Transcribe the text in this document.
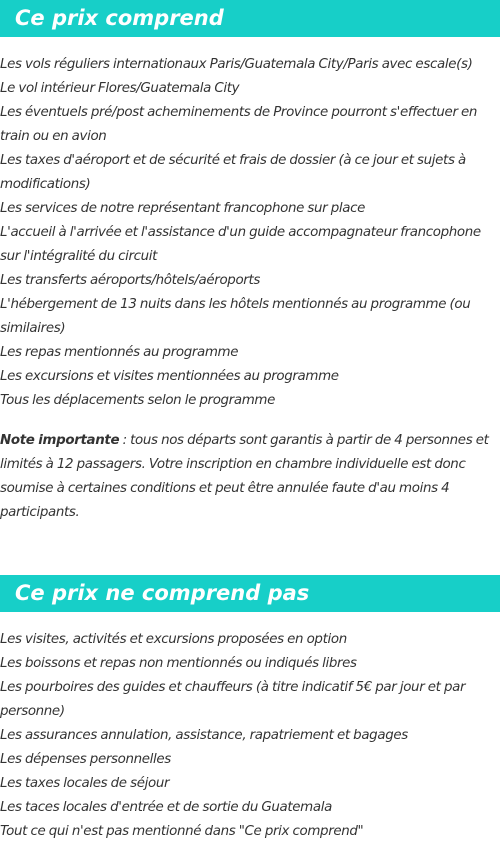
Ce prix comprend
Les vols réguliers internationaux Paris/Guatemala City/Paris avec escale(s)
Le vol intérieur Flores/Guatemala City
Les éventuels pré/post acheminements de Province pourront s'effectuer en train ou en avion
Les taxes d'aéroport et de sécurité et frais de dossier (à ce jour et sujets à modifications)
Les services de notre représentant francophone sur place
L'accueil à l'arrivée et l'assistance d'un guide accompagnateur francophone sur l'intégralité du circuit
Les transferts aéroports/hôtels/aéroports
L'hébergement de 13 nuits dans les hôtels mentionnés au programme (ou similaires)
Les repas mentionnés au programme
Les excursions et visites mentionnées au programme
Tous les déplacements selon le programme

Note importante : tous nos départs sont garantis à partir de 4 personnes et limités à 12 passagers. Votre inscription en chambre individuelle est donc soumise à certaines conditions et peut être annulée faute d'au moins 4 participants.

Ce prix ne comprend pas
Les visites, activités et excursions proposées en option
Les boissons et repas non mentionnés ou indiqués libres
Les pourboires des guides et chauffeurs (à titre indicatif 5€ par jour et par personne)
Les assurances annulation, assistance, rapatriement et bagages
Les dépenses personnelles
Les taxes locales de séjour
Les taces locales d'entrée et de sortie du Guatemala
Tout ce qui n'est pas mentionné dans "Ce prix comprend"
